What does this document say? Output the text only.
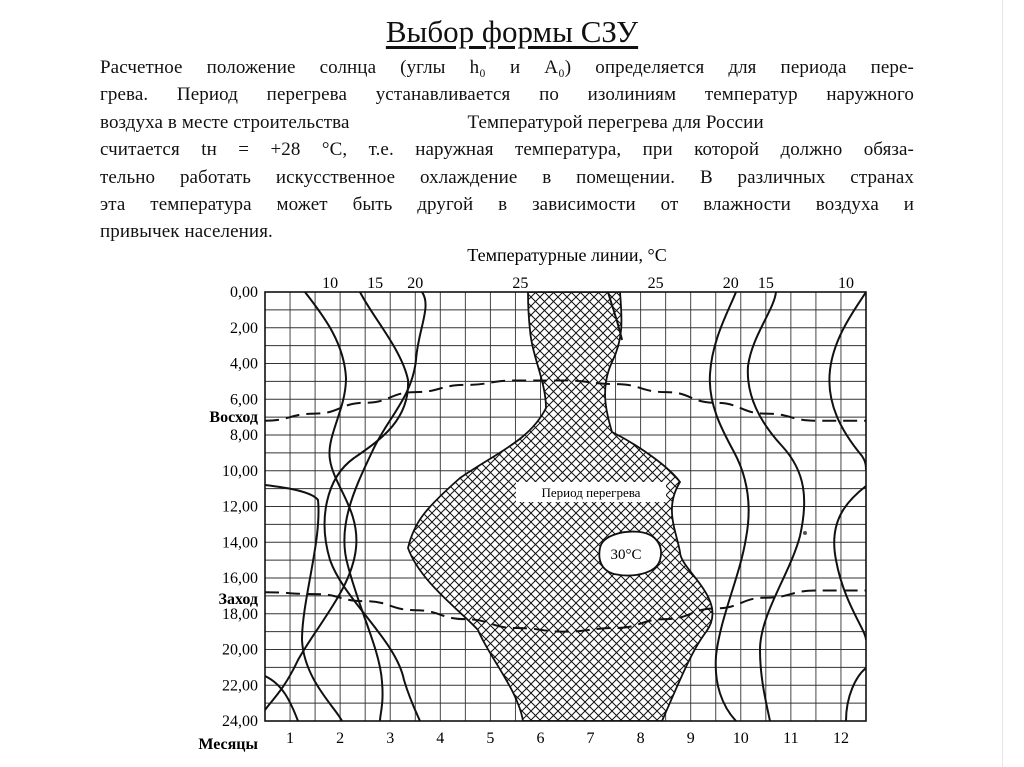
Выбор формы СЗУ
Расчетное положение солнца (углы h₀ и A₀) определяется для периода пере-
грева. Период перегрева устанавливается по изолиниям температур наружного
воздуха в месте строительства	Температурой перегрева для России
считается tн = +28 °С, т.е. наружная температура, при которой должно обяза-
тельно работать искусственное охлаждение в помещении. В различных странах
эта температура может быть другой в зависимости от влажности воздуха и
привычек населения.
Температурные линии, °С
0,00
2,00
4,00
6,00
8,00
10,00
12,00
14,00
16,00
18,00
20,00
22,00
24,00
1	2	3	4	5	6	7	8	9 10 11 12
10 15 20	25	25	20 15	10
Восход
Заход
Месяцы
Период перегрева
30°С
